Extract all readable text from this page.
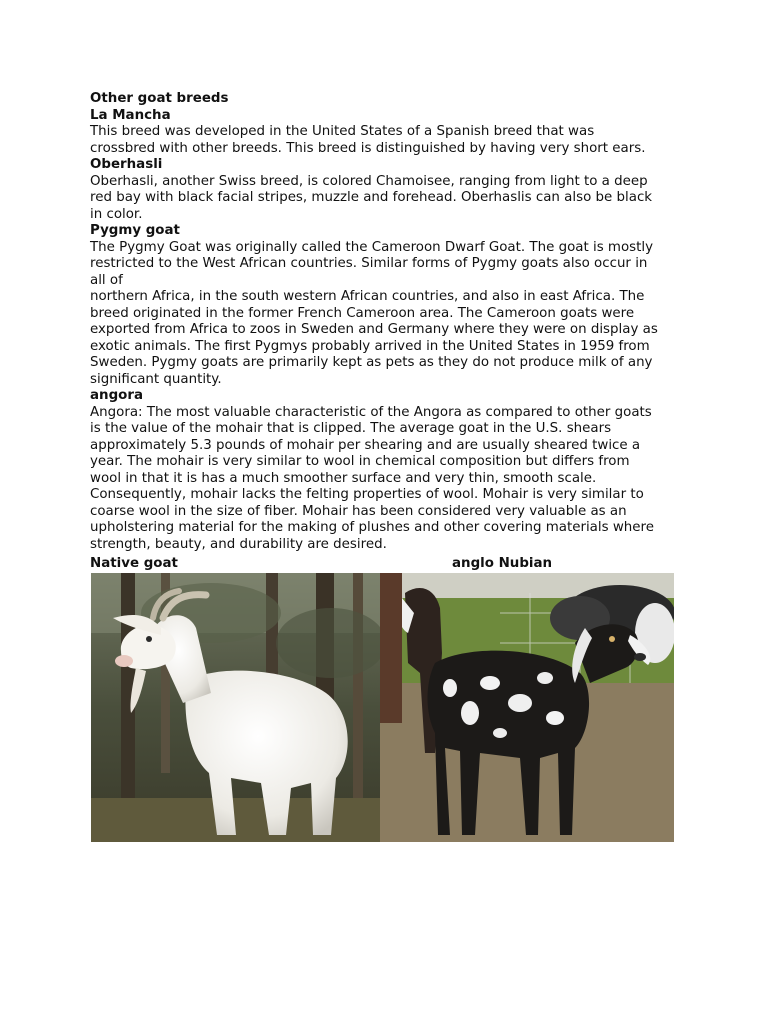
Other goat breeds
La Mancha
This breed was developed in the United States of a Spanish breed that was
crossbred with other breeds. This breed is distinguished by having very short ears.
Oberhasli
Oberhasli, another Swiss breed, is colored Chamoisee, ranging from light to a deep
red bay with black facial stripes, muzzle and forehead. Oberhaslis can also be black
in color.
Pygmy goat
The Pygmy Goat was originally called the Cameroon Dwarf Goat. The goat is mostly
restricted to the West African countries. Similar forms of Pygmy goats also occur in
all of
northern Africa, in the south western African countries, and also in east Africa. The
breed originated in the former French Cameroon area. The Cameroon goats were
exported from Africa to zoos in Sweden and Germany where they were on display as
exotic animals. The first Pygmys probably arrived in the United States in 1959 from
Sweden. Pygmy goats are primarily kept as pets as they do not produce milk of any
significant quantity.
angora
Angora: The most valuable characteristic of the Angora as compared to other goats
is the value of the mohair that is clipped. The average goat in the U.S. shears
approximately 5.3 pounds of mohair per shearing and are usually sheared twice a
year. The mohair is very similar to wool in chemical composition but differs from
wool in that it is has a much smoother surface and very thin, smooth scale.
Consequently, mohair lacks the felting properties of wool. Mohair is very similar to
coarse wool in the size of fiber. Mohair has been considered very valuable as an
upholstering material for the making of plushes and other covering materials where
strength, beauty, and durability are desired.
Native goat	anglo Nubian
